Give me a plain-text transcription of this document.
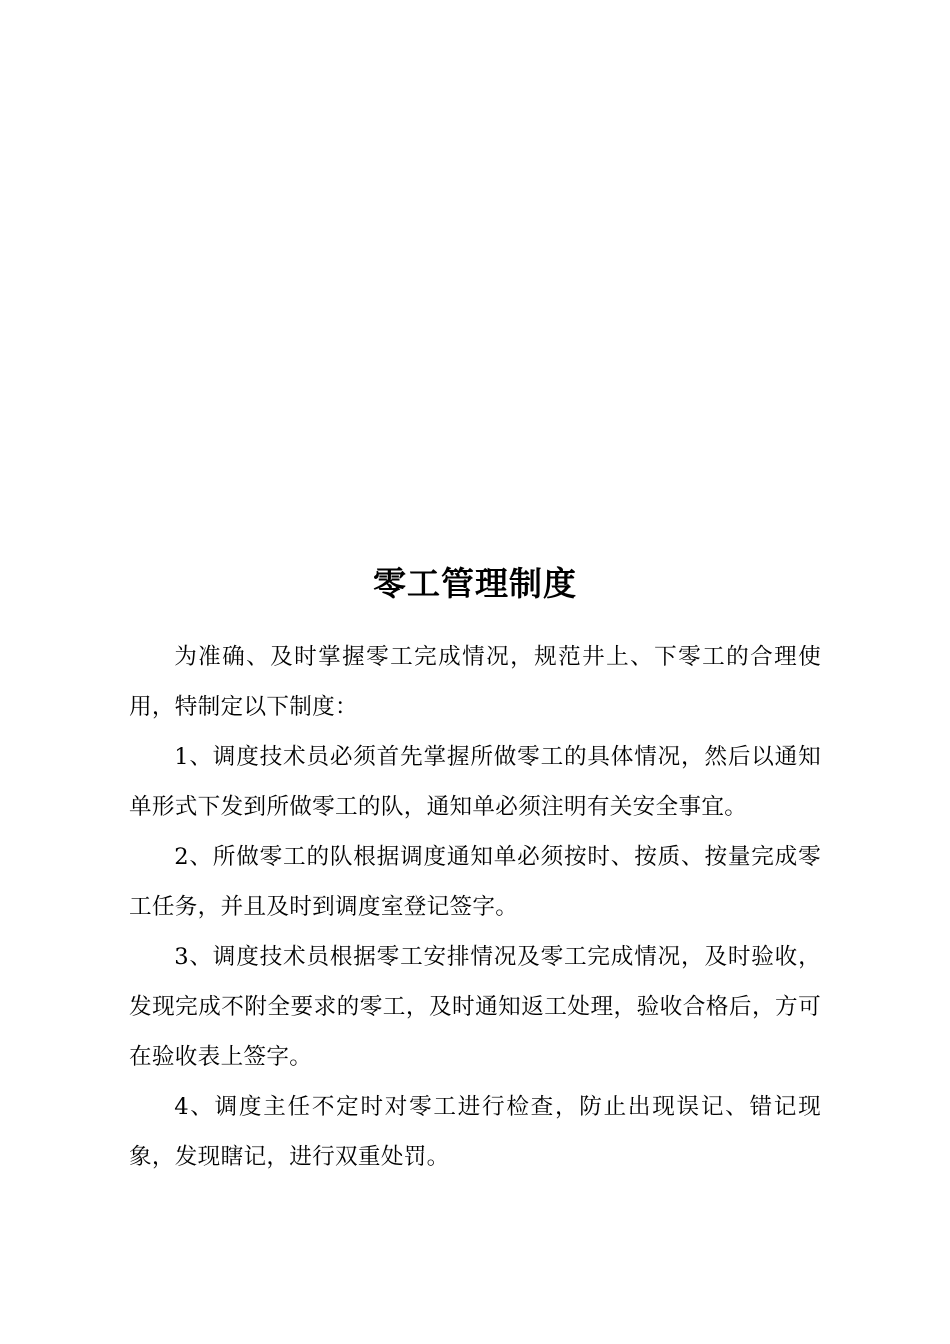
零工管理制度

为准确、及时掌握零工完成情况，规范井上、下零工的合理使用，特制定以下制度：

1、调度技术员必须首先掌握所做零工的具体情况，然后以通知单形式下发到所做零工的队，通知单必须注明有关安全事宜。

2、所做零工的队根据调度通知单必须按时、按质、按量完成零工任务，并且及时到调度室登记签字。

3、调度技术员根据零工安排情况及零工完成情况，及时验收，发现完成不附全要求的零工，及时通知返工处理，验收合格后，方可在验收表上签字。

4、调度主任不定时对零工进行检查，防止出现误记、错记现象，发现瞎记，进行双重处罚。
